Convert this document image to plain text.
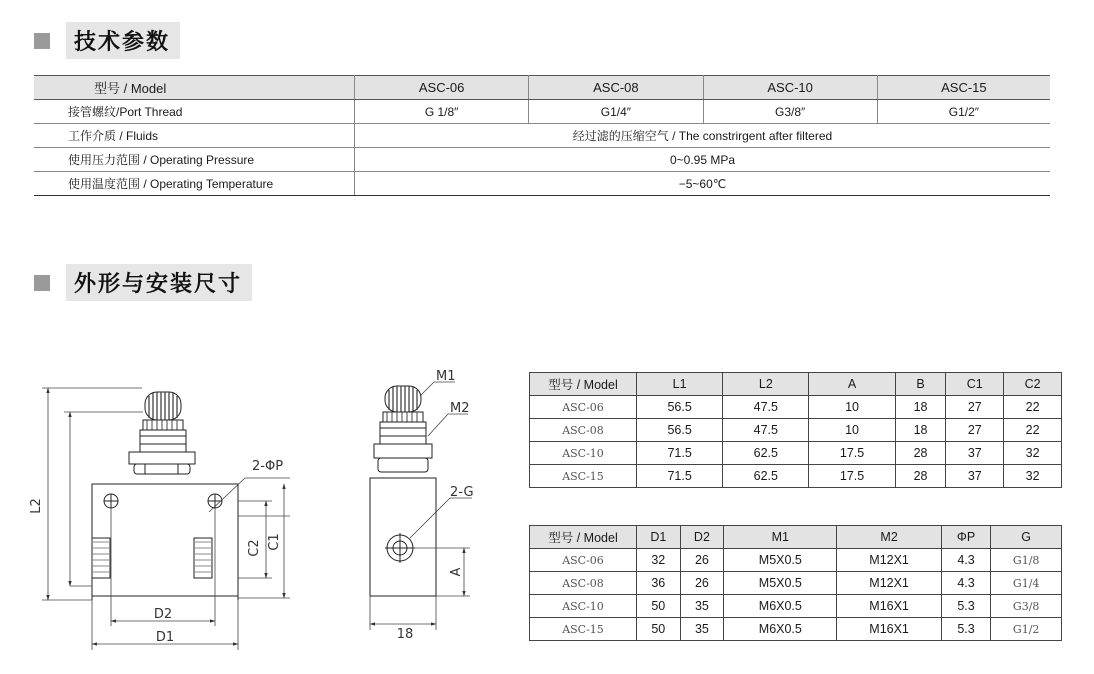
技术参数
型号 / Model	ASC-06	ASC-08	ASC-10	ASC-15
接管螺纹/Port Thread	G 1/8″	G1/4″	G3/8″	G1/2″
工作介质 / Fluids	经过滤的压缩空气 / The constrirgent after filtered			
使用压力范围 / Operating Pressure	0~0.95 MPa			
使用温度范围 / Operating Temperature	−5~60℃			
外形与安装尺寸
L2
2-ΦP
C2 C1
D2
D1
M1
M2
2-G
A
18
型号 / Model	L1	L2	A	B	C1	C2
ASC-06	56.5	47.5	10	18	27	22
ASC-08	56.5	47.5	10	18	27	22
ASC-10	71.5	62.5	17.5	28	37	32
ASC-15	71.5	62.5	17.5	28	37	32
型号 / Model	D1	D2	M1	M2	ΦP	G
ASC-06	32	26	M5X0.5	M12X1	4.3	G1/8
ASC-08	36	26	M5X0.5	M12X1	4.3	G1/4
ASC-10	50	35	M6X0.5	M16X1	5.3	G3/8
ASC-15	50	35	M6X0.5	M16X1	5.3	G1/2
